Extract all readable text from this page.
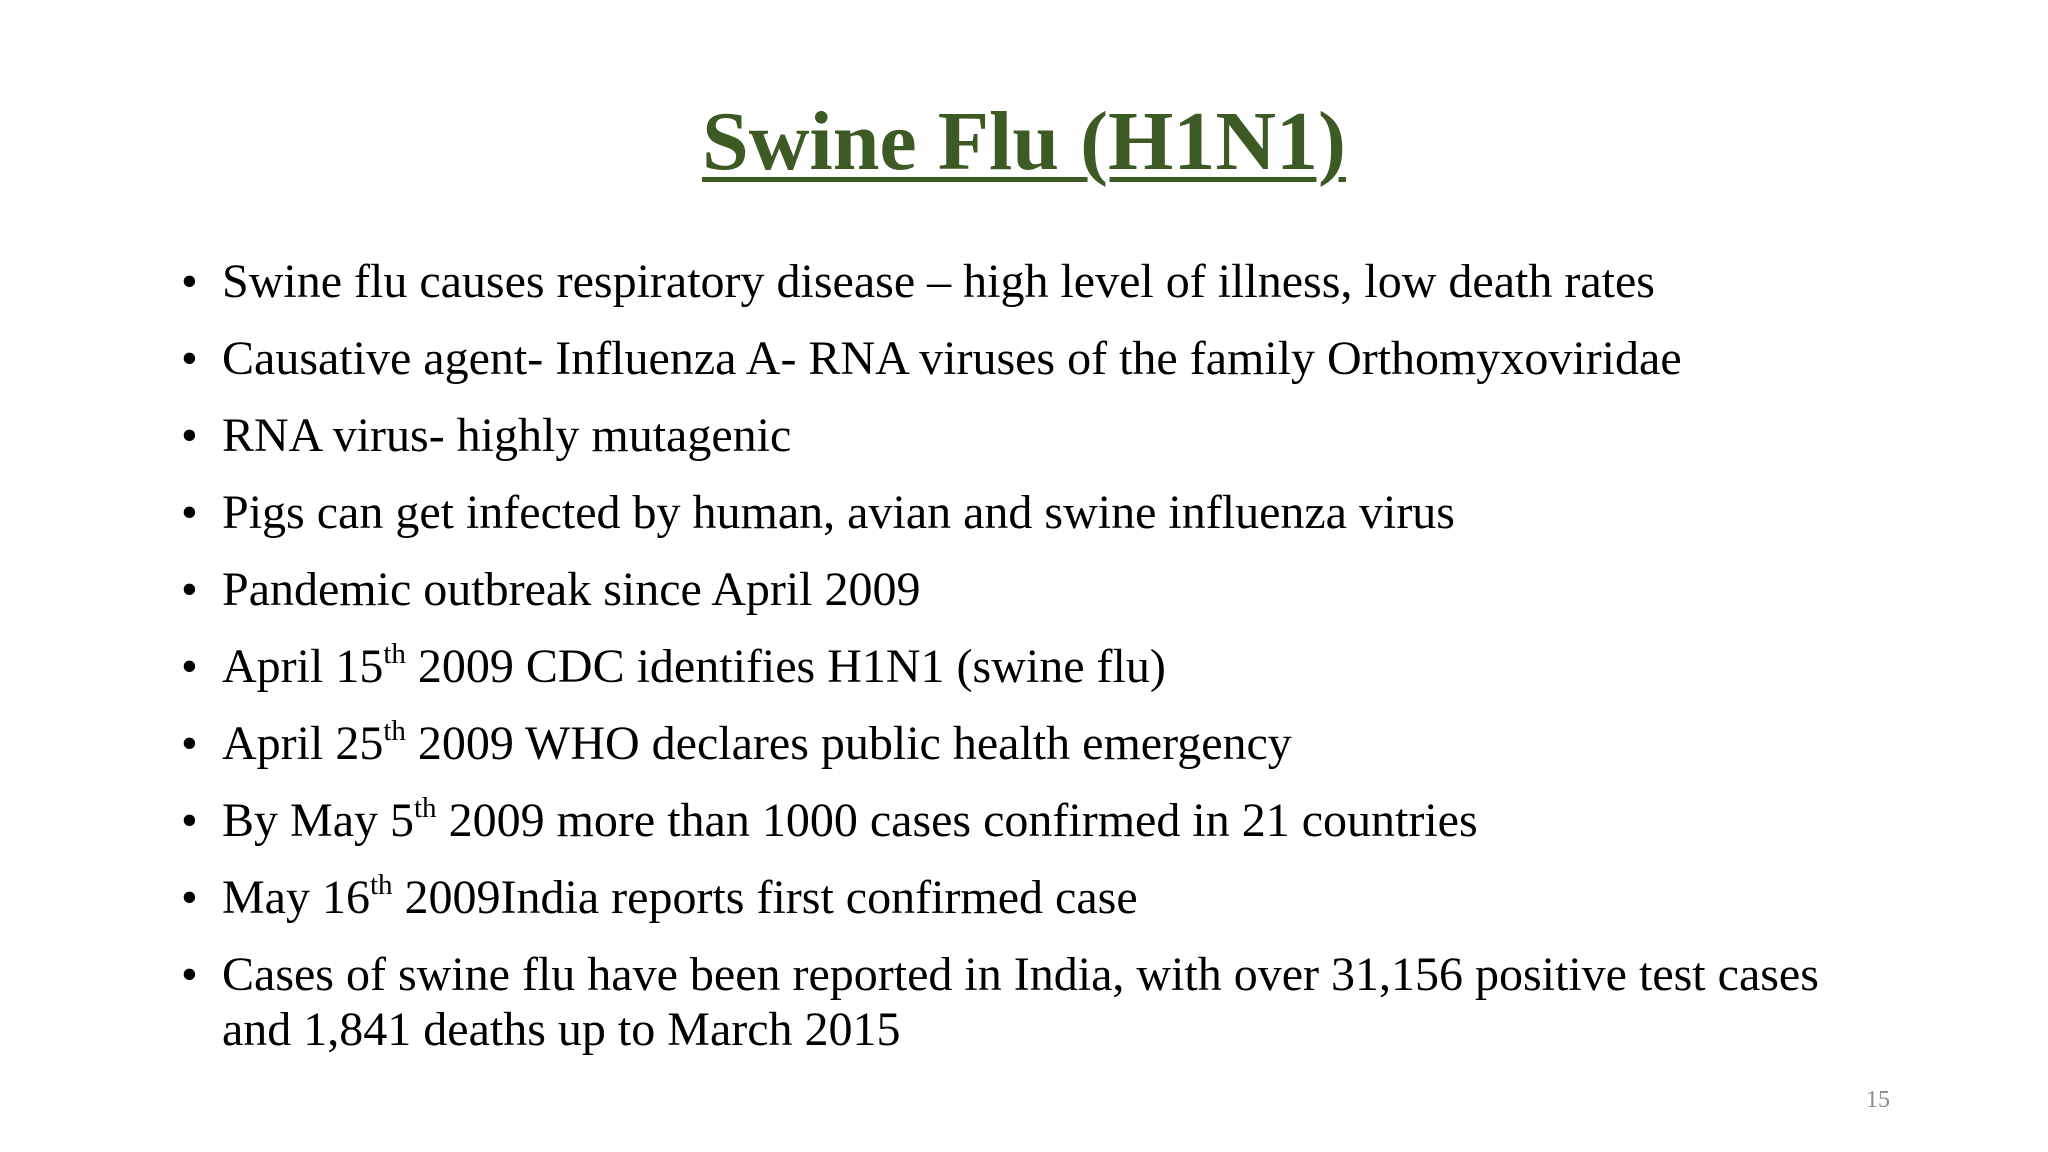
Swine Flu (H1N1)
• Swine flu causes respiratory disease – high level of illness, low death rates
• Causative agent- Influenza A- RNA viruses of the family Orthomyxoviridae
• RNA virus- highly mutagenic
• Pigs can get infected by human, avian and swine influenza virus
• Pandemic outbreak since April 2009
• April 15th 2009 CDC identifies H1N1 (swine flu)
• April 25th 2009 WHO declares public health emergency
• By May 5th 2009 more than 1000 cases confirmed in 21 countries
• May 16th 2009India reports first confirmed case
• Cases of swine flu have been reported in India, with over 31,156 positive test cases and 1,841 deaths up to March 2015
15
